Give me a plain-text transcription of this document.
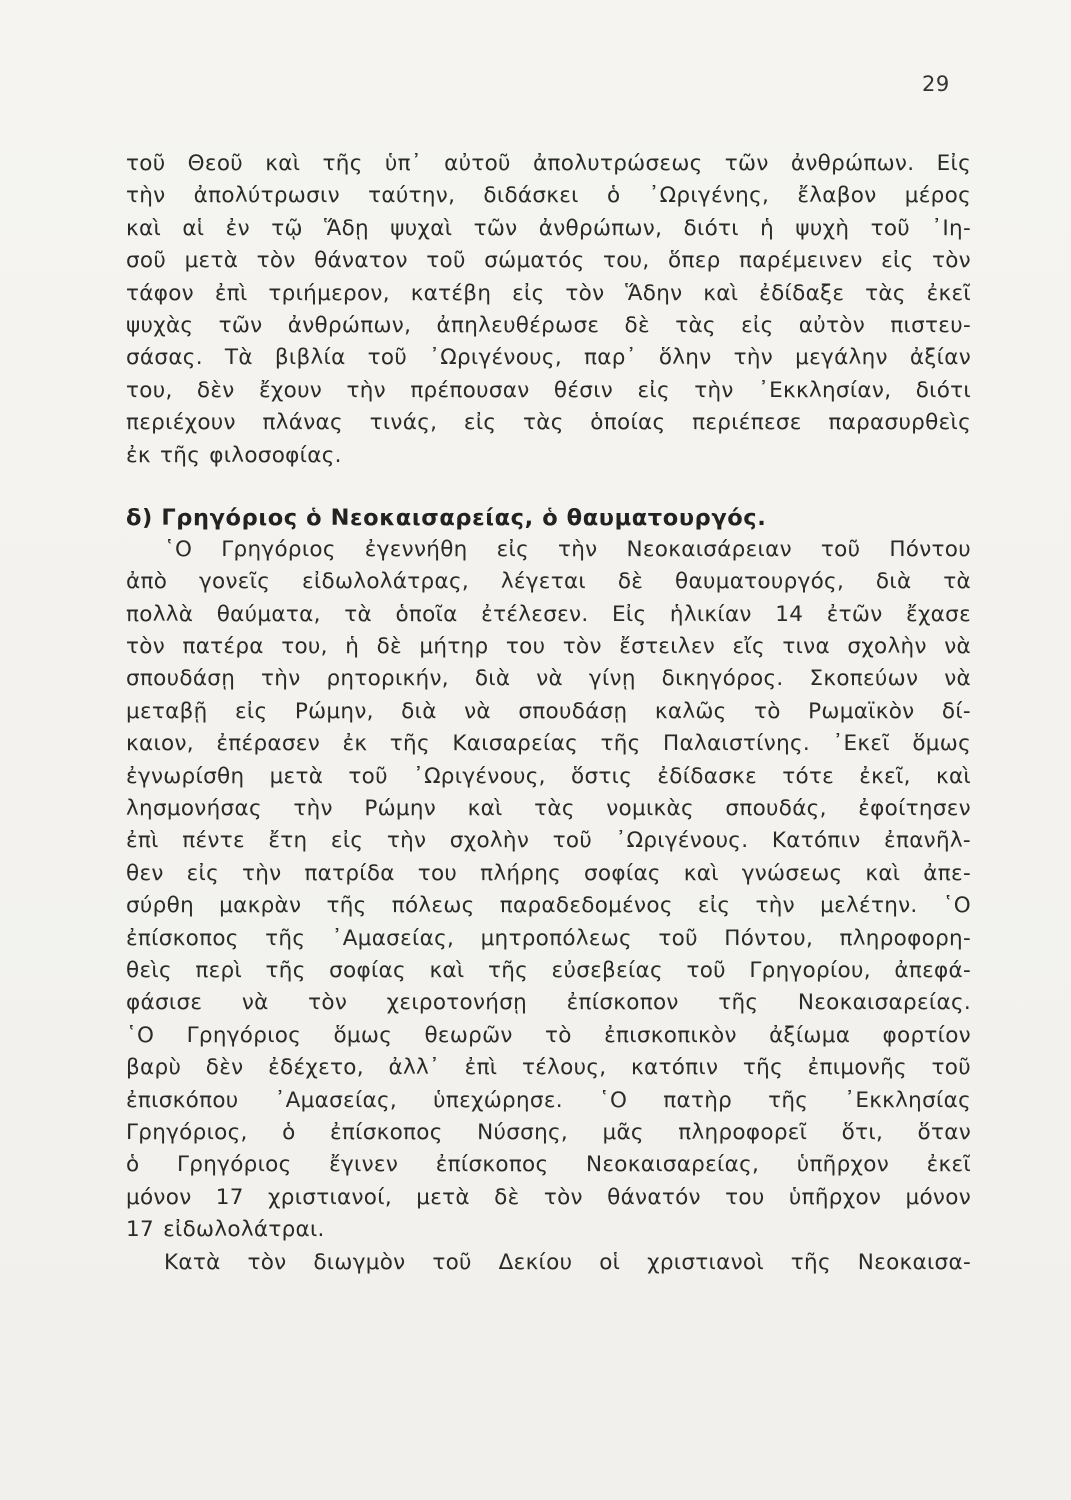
29
τοῦ Θεοῦ καὶ τῆς ὑπ᾽ αὐτοῦ ἀπολυτρώσεως τῶν ἀνθρώπων. Εἰς
τὴν ἀπολύτρωσιν ταύτην, διδάσκει ὁ ᾿Ωριγένης, ἔλαβον μέρος
καὶ αἱ ἐν τῷ Ἅδῃ ψυχαὶ τῶν ἀνθρώπων, διότι ἡ ψυχὴ τοῦ ᾿Ιη-
σοῦ μετὰ τὸν θάνατον τοῦ σώματός του, ὅπερ παρέμεινεν εἰς τὸν
τάφον ἐπὶ τριήμερον, κατέβη εἰς τὸν Ἅδην καὶ ἐδίδαξε τὰς ἐκεῖ
ψυχὰς τῶν ἀνθρώπων, ἀπηλευθέρωσε δὲ τὰς εἰς αὐτὸν πιστευ-
σάσας. Τὰ βιβλία τοῦ ᾿Ωριγένους, παρ᾽ ὅλην τὴν μεγάλην ἀξίαν
του, δὲν ἔχουν τὴν πρέπουσαν θέσιν εἰς τὴν ᾿Εκκλησίαν, διότι
περιέχουν πλάνας τινάς, εἰς τὰς ὁποίας περιέπεσε παρασυρθεὶς
ἐκ τῆς φιλοσοφίας.
δ) Γρηγόριος ὁ Νεοκαισαρείας, ὁ θαυματουργός.
῾Ο Γρηγόριος ἐγεννήθη εἰς τὴν Νεοκαισάρειαν τοῦ Πόντου
ἀπὸ γονεῖς εἰδωλολάτρας, λέγεται δὲ θαυματουργός, διὰ τὰ
πολλὰ θαύματα, τὰ ὁποῖα ἐτέλεσεν. Εἰς ἡλικίαν 14 ἐτῶν ἔχασε
τὸν πατέρα του, ἡ δὲ μήτηρ του τὸν ἔστειλεν εἴς τινα σχολὴν νὰ
σπουδάσῃ τὴν ρητορικήν, διὰ νὰ γίνῃ δικηγόρος. Σκοπεύων νὰ
μεταβῇ εἰς Ρώμην, διὰ νὰ σπουδάσῃ καλῶς τὸ Ρωμαϊκὸν δί-
καιον, ἐπέρασεν ἐκ τῆς Καισαρείας τῆς Παλαιστίνης. ᾿Εκεῖ ὅμως
ἐγνωρίσθη μετὰ τοῦ ᾿Ωριγένους, ὅστις ἐδίδασκε τότε ἐκεῖ, καὶ
λησμονήσας τὴν Ρώμην καὶ τὰς νομικὰς σπουδάς, ἐφοίτησεν
ἐπὶ πέντε ἔτη εἰς τὴν σχολὴν τοῦ ᾿Ωριγένους. Κατόπιν ἐπανῆλ-
θεν εἰς τὴν πατρίδα του πλήρης σοφίας καὶ γνώσεως καὶ ἀπε-
σύρθη μακρὰν τῆς πόλεως παραδεδομένος εἰς τὴν μελέτην. ῾Ο
ἐπίσκοπος τῆς ᾿Αμασείας, μητροπόλεως τοῦ Πόντου, πληροφορη-
θεὶς περὶ τῆς σοφίας καὶ τῆς εὐσεβείας τοῦ Γρηγορίου, ἀπεφά-
φάσισε νὰ τὸν χειροτονήσῃ ἐπίσκοπον τῆς Νεοκαισαρείας.
῾Ο Γρηγόριος ὅμως θεωρῶν τὸ ἐπισκοπικὸν ἀξίωμα φορτίον
βαρὺ δὲν ἐδέχετο, ἀλλ᾽ ἐπὶ τέλους, κατόπιν τῆς ἐπιμονῆς τοῦ
ἐπισκόπου ᾿Αμασείας, ὑπεχώρησε. ῾Ο πατὴρ τῆς ᾿Εκκλησίας
Γρηγόριος, ὁ ἐπίσκοπος Νύσσης, μᾶς πληροφορεῖ ὅτι, ὅταν
ὁ Γρηγόριος ἔγινεν ἐπίσκοπος Νεοκαισαρείας, ὑπῆρχον ἐκεῖ
μόνον 17 χριστιανοί, μετὰ δὲ τὸν θάνατόν του ὑπῆρχον μόνον
17 εἰδωλολάτραι.
Κατὰ τὸν διωγμὸν τοῦ Δεκίου οἱ χριστιανοὶ τῆς Νεοκαισα-
